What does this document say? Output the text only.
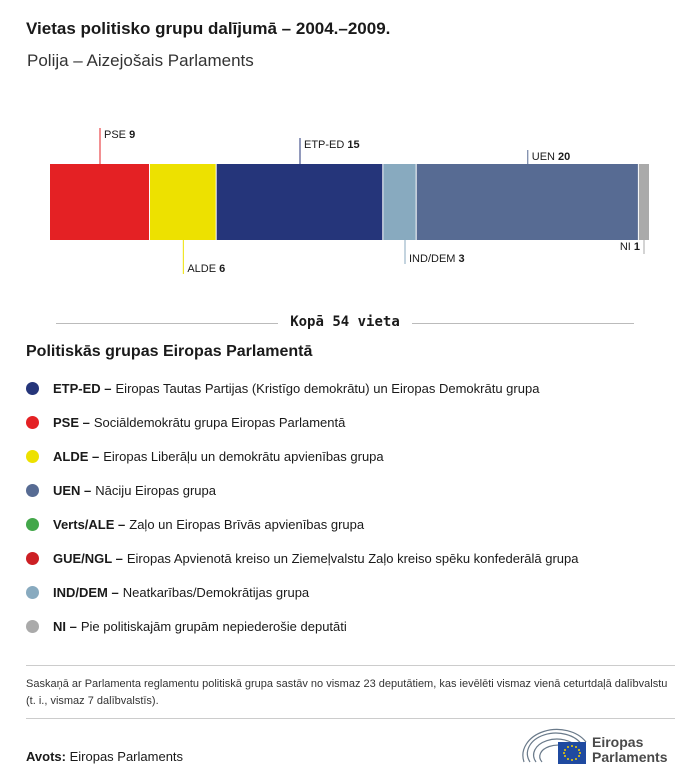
Vietas politisko grupu dalījumā – 2004.–2009.
Polija – Aizejošais Parlaments
PSE 9
ALDE 6
ETP-ED 15
IND/DEM 3
UEN 20
NI 1
Kopā 54 vieta
Politiskās grupas Eiropas Parlamentā
ETP-ED – Eiropas Tautas Partijas (Kristīgo demokrātu) un Eiropas Demokrātu grupa
PSE – Sociāldemokrātu grupa Eiropas Parlamentā
ALDE – Eiropas Liberāļu un demokrātu apvienības grupa
UEN – Nāciju Eiropas grupa
Verts/ALE – Zaļo un Eiropas Brīvās apvienības grupa
GUE/NGL – Eiropas Apvienotā kreiso un Ziemeļvalstu Zaļo kreiso spēku konfederālā grupa
IND/DEM – Neatkarības/Demokrātijas grupa
NI – Pie politiskajām grupām nepiederošie deputāti
Saskaņā ar Parlamenta reglamentu politiskā grupa sastāv no vismaz 23 deputātiem, kas ievēlēti vismaz vienā ceturtdaļā dalībvalstu (t. i., vismaz 7 dalībvalstīs).
Avots: Eiropas Parlaments
Eiropas
Parlaments
